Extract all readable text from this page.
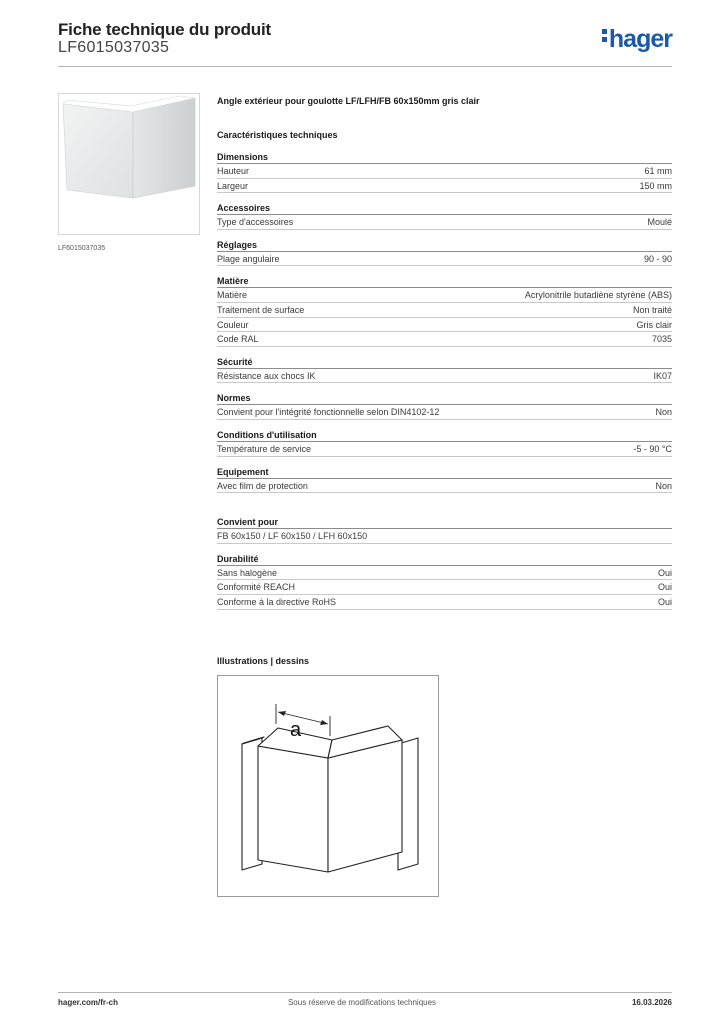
Fiche technique du produit
LF6015037035	hager
LF6015037035
Angle extérieur pour goulotte LF/LFH/FB 60x150mm gris clair
Caractéristiques techniques
Dimensions
Hauteur	61 mm
Largeur	150 mm
Accessoires
Type d'accessoires	Moulé
Réglages
Plage angulaire	90 - 90
Matière
Matière	Acrylonitrile butadiène styrène (ABS)
Traitement de surface	Non traité
Couleur	Gris clair
Code RAL	7035
Sécurité
Résistance aux chocs IK	IK07
Normes
Convient pour l'intégrité fonctionnelle selon DIN4102-12	Non
Conditions d'utilisation
Température de service	-5 - 90 °C
Equipement
Avec film de protection	Non
Convient pour
FB 60x150 / LF 60x150 / LFH 60x150
Durabilité
Sans halogène	Oui
Conformité REACH	Oui
Conforme à la directive RoHS	Oui
Illustrations | dessins
a
hager.com/fr-ch	Sous réserve de modifications techniques	16.03.2026
